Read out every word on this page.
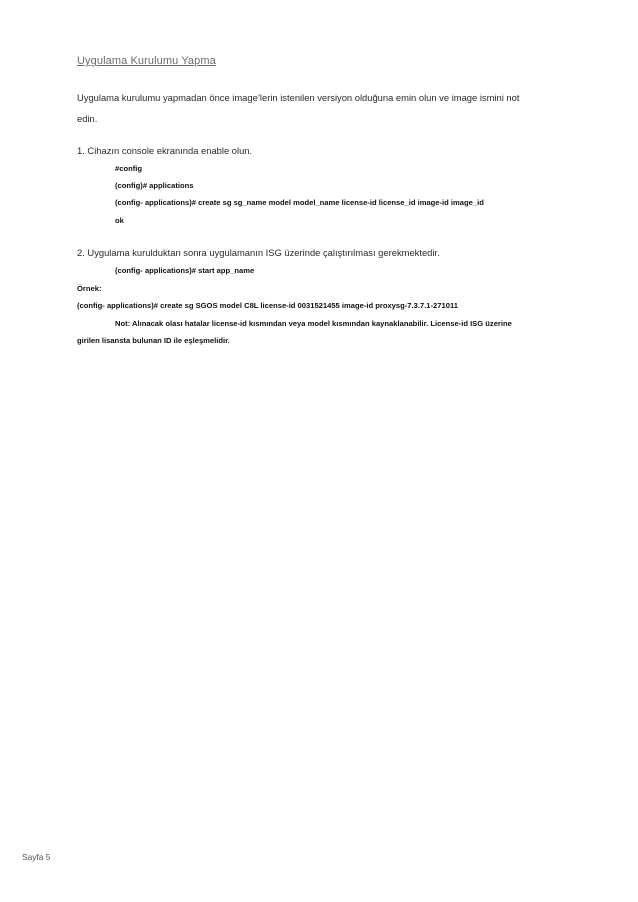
Uygulama Kurulumu Yapma
Uygulama kurulumu yapmadan önce image’lerin istenilen versiyon olduğuna emin olun ve image ismini not
edin.
1. Cihazın console ekranında enable olun.
#config
(config)# applications
(config- applications)# create sg sg_name model model_name license-id license_id image-id image_id
ok
2. Uygulama kurulduktan sonra uygulamanın ISG üzerinde çalıştırılması gerekmektedir.
(config- applications)# start app_name
Örnek:
(config- applications)# create sg SGOS model C8L license-id 0031521455 image-id proxysg-7.3.7.1-271011
Not: Alınacak olası hatalar license-id kısmından veya model kısmından kaynaklanabilir. License-id ISG üzerine
girilen lisansta bulunan ID ile eşleşmelidir.
Sayfa 5
